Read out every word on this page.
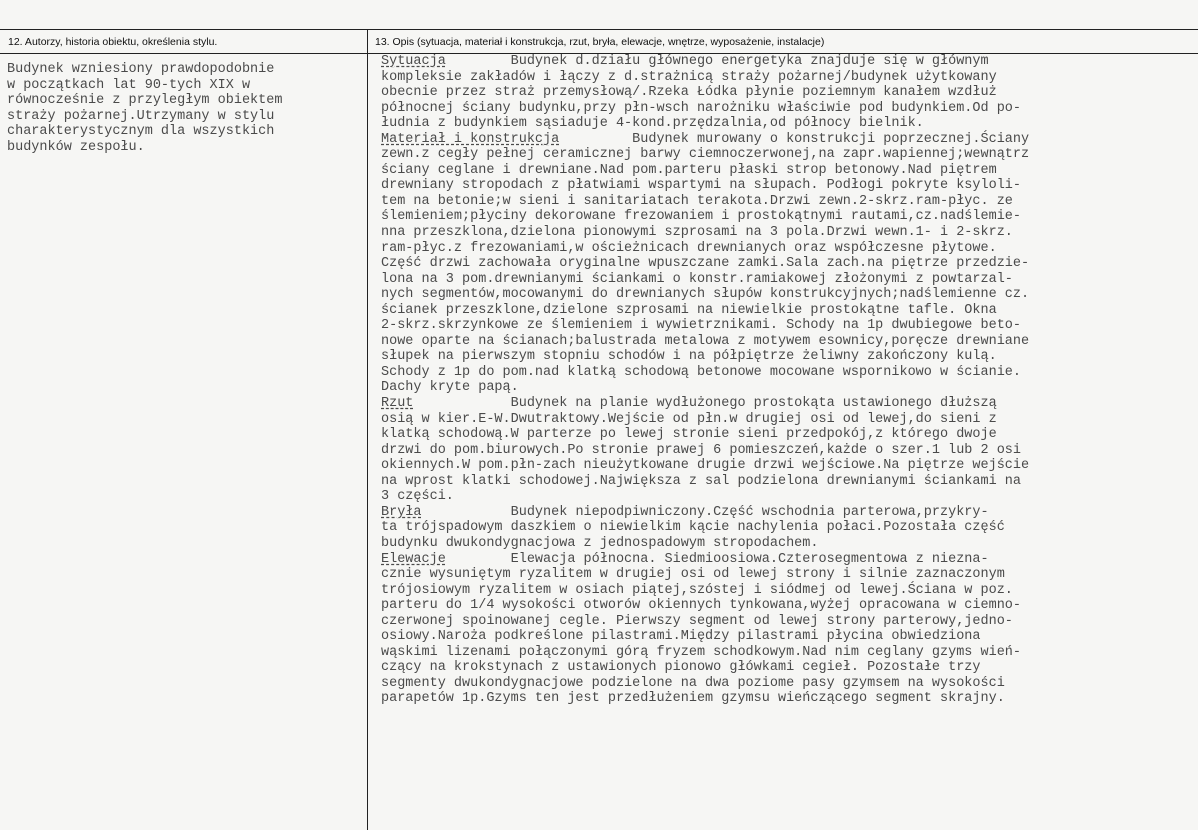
12. Autorzy, historia obiektu, określenia stylu.	13. Opis (sytuacja, materiał i konstrukcja, rzut, bryła, elewacje, wnętrze, wyposażenie, instalacje)
Budynek wzniesiony prawdopodobnie
w początkach lat 90-tych XIX w
równocześnie z przyległym obiektem
straży pożarnej.Utrzymany w stylu
charakterystycznym dla wszystkich
budynków zespołu.
Sytuacja        Budynek d.działu głównego energetyka znajduje się w głównym
kompleksie zakładów i łączy z d.strażnicą straży pożarnej/budynek użytkowany
obecnie przez straż przemysłową/.Rzeka Łódka płynie poziemnym kanałem wzdłuż
północnej ściany budynku,przy płn-wsch narożniku właściwie pod budynkiem.Od po-
łudnia z budynkiem sąsiaduje 4-kond.przędzalnia,od północy bielnik.
Materiał i konstrukcja         Budynek murowany o konstrukcji poprzecznej.Ściany
zewn.z cegły pełnej ceramicznej barwy ciemnoczerwonej,na zapr.wapiennej;wewnątrz
ściany ceglane i drewniane.Nad pom.parteru płaski strop betonowy.Nad piętrem
drewniany stropodach z płatwiami wspartymi na słupach. Podłogi pokryte ksyloli-
tem na betonie;w sieni i sanitariatach terakota.Drzwi zewn.2-skrz.ram-płyc. ze
ślemieniem;płyciny dekorowane frezowaniem i prostokątnymi rautami,cz.nadślemie-
nna przeszklona,dzielona pionowymi szprosami na 3 pola.Drzwi wewn.1- i 2-skrz.
ram-płyc.z frezowaniami,w ościeżnicach drewnianych oraz współczesne płytowe.
Część drzwi zachowała oryginalne wpuszczane zamki.Sala zach.na piętrze przedzie-
lona na 3 pom.drewnianymi ściankami o konstr.ramiakowej złożonymi z powtarzal-
nych segmentów,mocowanymi do drewnianych słupów konstrukcyjnych;nadślemienne cz.
ścianek przeszklone,dzielone szprosami na niewielkie prostokątne tafle. Okna
2-skrz.skrzynkowe ze ślemieniem i wywietrznikami. Schody na 1p dwubiegowe beto-
nowe oparte na ścianach;balustrada metalowa z motywem esownicy,poręcze drewniane
słupek na pierwszym stopniu schodów i na półpiętrze żeliwny zakończony kulą.
Schody z 1p do pom.nad klatką schodową betonowe mocowane wspornikowo w ścianie.
Dachy kryte papą.
Rzut            Budynek na planie wydłużonego prostokąta ustawionego dłuższą
osią w kier.E-W.Dwutraktowy.Wejście od płn.w drugiej osi od lewej,do sieni z
klatką schodową.W parterze po lewej stronie sieni przedpokój,z którego dwoje
drzwi do pom.biurowych.Po stronie prawej 6 pomieszczeń,każde o szer.1 lub 2 osi
okiennych.W pom.płn-zach nieużytkowane drugie drzwi wejściowe.Na piętrze wejście
na wprost klatki schodowej.Największa z sal podzielona drewnianymi ściankami na
3 części.
Bryła           Budynek niepodpiwniczony.Część wschodnia parterowa,przykry-
ta trójspadowym daszkiem o niewielkim kącie nachylenia połaci.Pozostała część
budynku dwukondygnacjowa z jednospadowym stropodachem.
Elewacje        Elewacja północna. Siedmioosiowa.Czterosegmentowa z niezna-
cznie wysuniętym ryzalitem w drugiej osi od lewej strony i silnie zaznaczonym
trójosiowym ryzalitem w osiach piątej,szóstej i siódmej od lewej.Ściana w poz.
parteru do 1/4 wysokości otworów okiennych tynkowana,wyżej opracowana w ciemno-
czerwonej spoinowanej cegle. Pierwszy segment od lewej strony parterowy,jedno-
osiowy.Naroża podkreślone pilastrami.Między pilastrami płycina obwiedziona
wąskimi lizenami połączonymi górą fryzem schodkowym.Nad nim ceglany gzyms wień-
czący na krokstynach z ustawionych pionowo główkami cegieł. Pozostałe trzy
segmenty dwukondygnacjowe podzielone na dwa poziome pasy gzymsem na wysokości
parapetów 1p.Gzyms ten jest przedłużeniem gzymsu wieńczącego segment skrajny.
